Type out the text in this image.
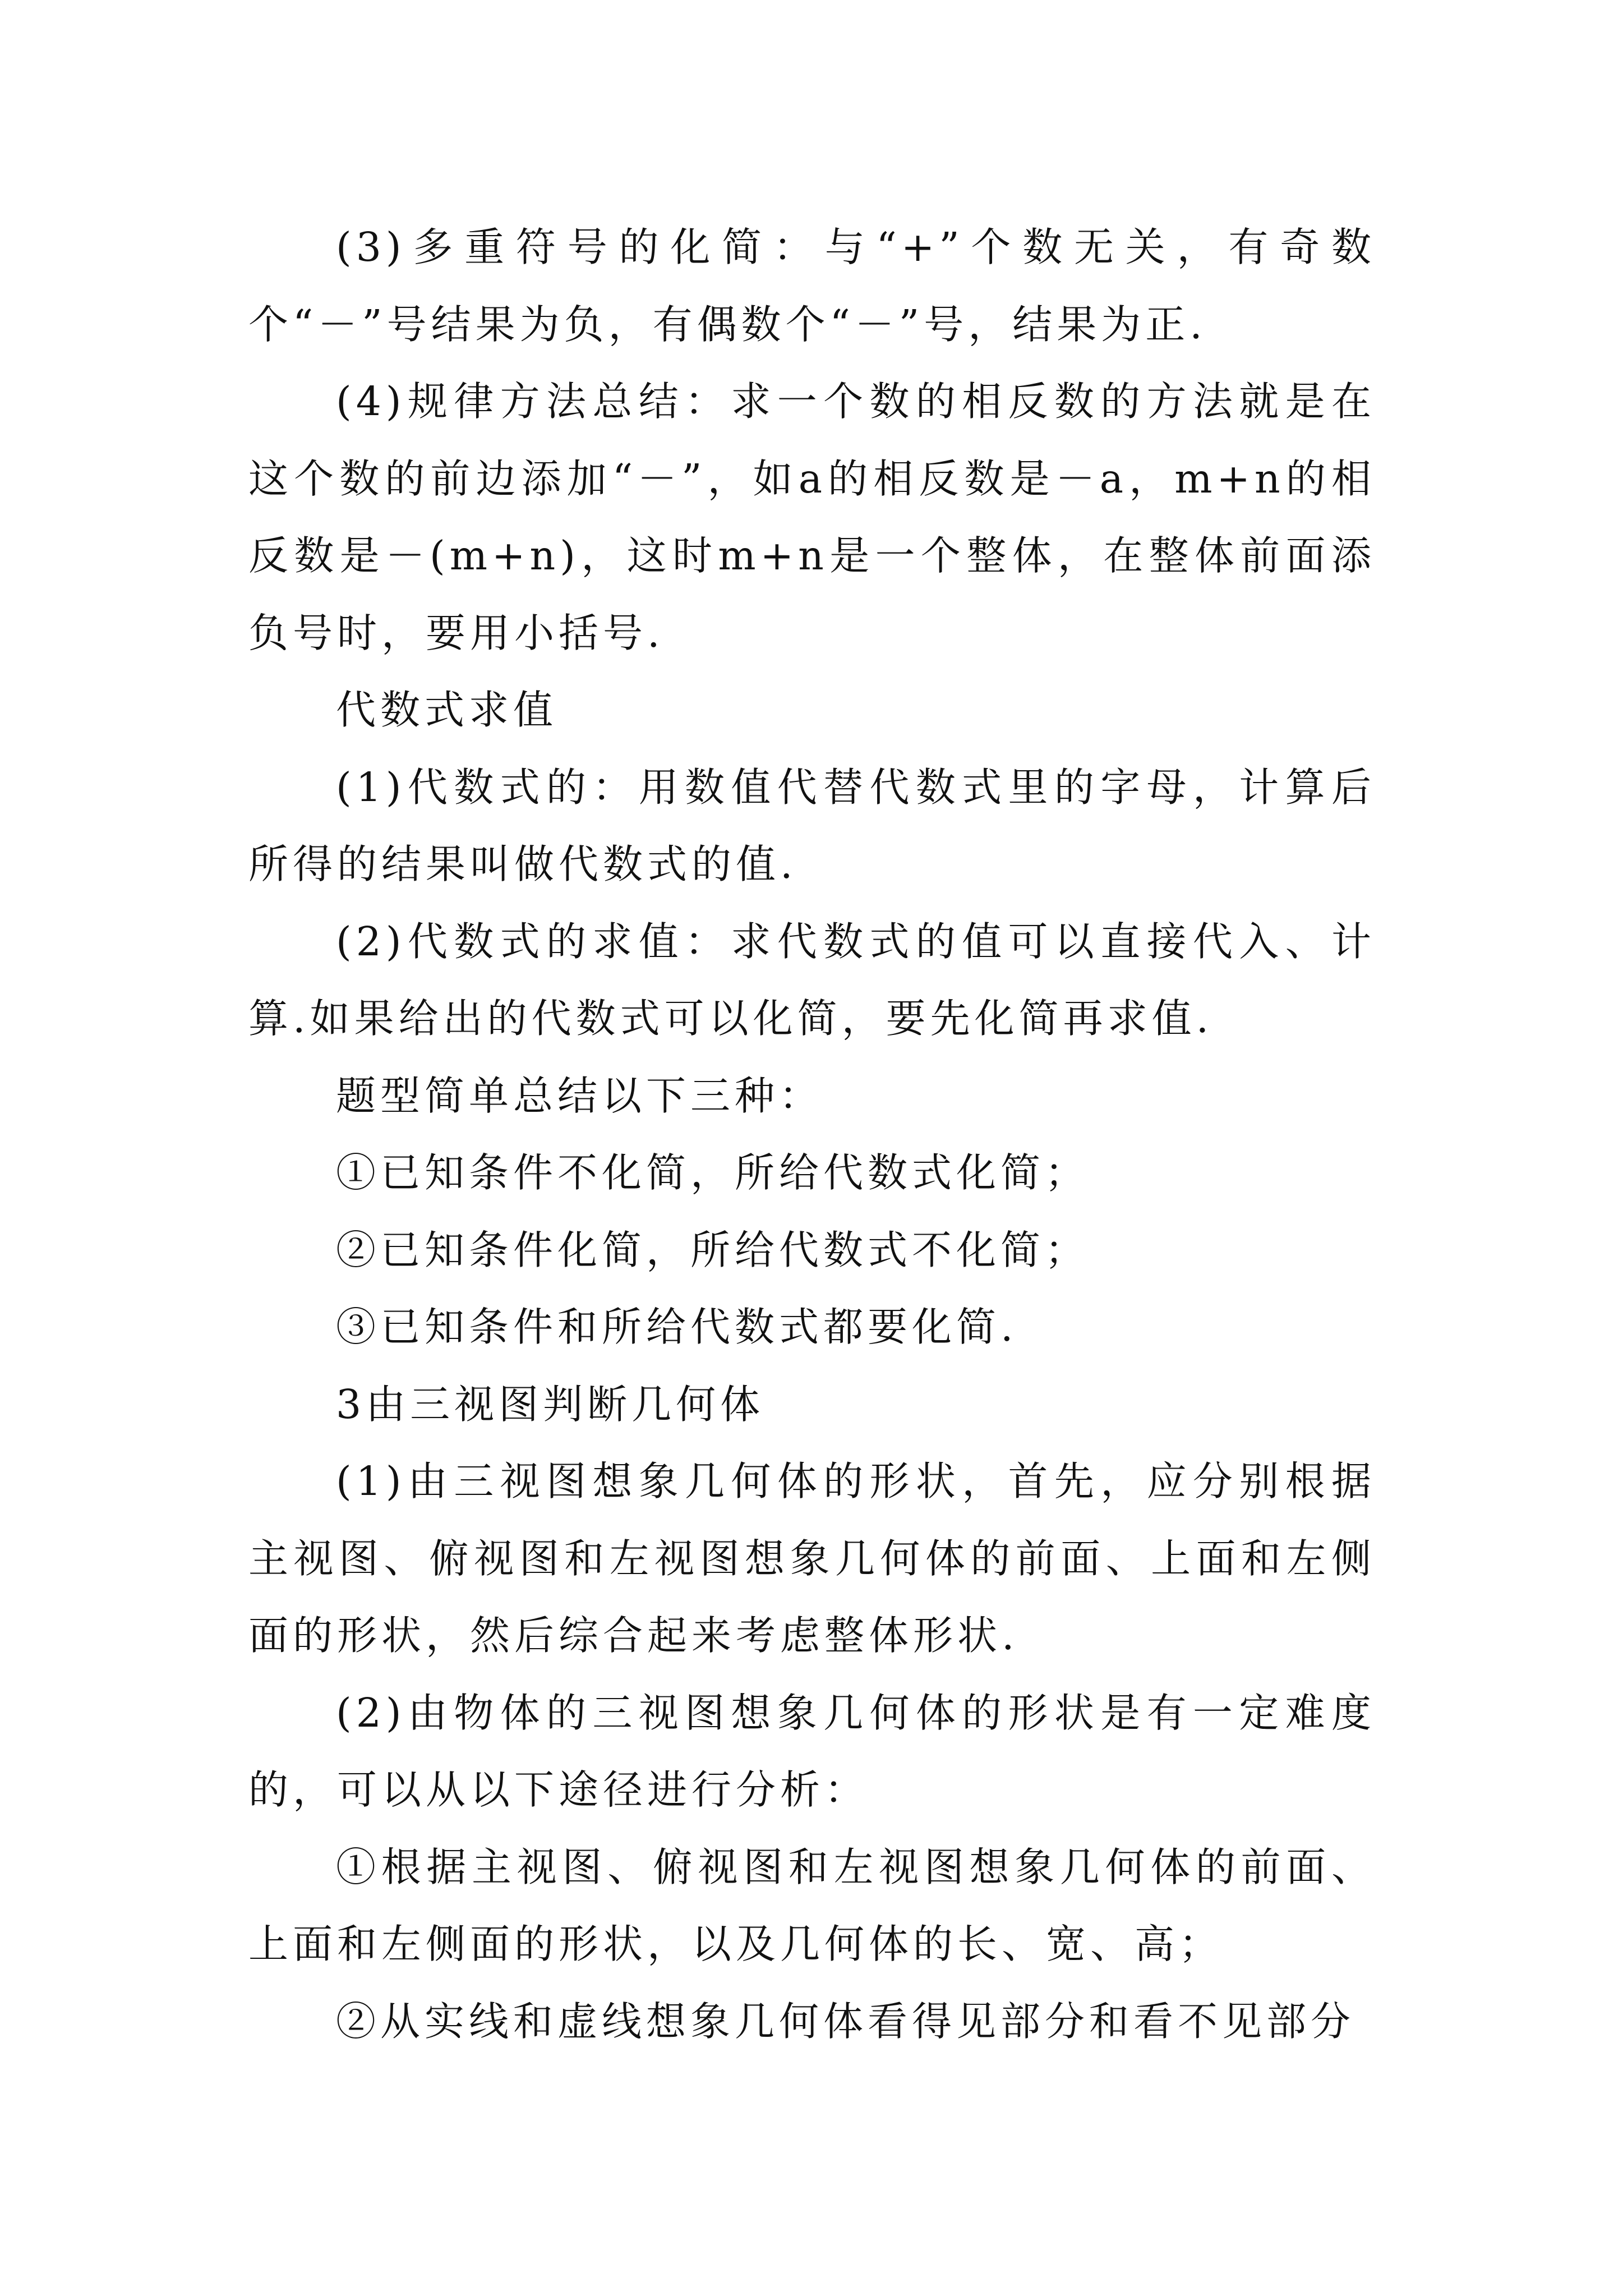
(3)多重符号的化简：与“+”个数无关，有奇数个“－”号结果为负，有偶数个“－”号，结果为正.

(4)规律方法总结：求一个数的相反数的方法就是在这个数的前边添加“－”，如a的相反数是－a，m+n的相反数是－(m+n)，这时m+n是一个整体，在整体前面添负号时，要用小括号.

代数式求值

(1)代数式的：用数值代替代数式里的字母，计算后所得的结果叫做代数式的值.

(2)代数式的求值：求代数式的值可以直接代入、计算.如果给出的代数式可以化简，要先化简再求值.

题型简单总结以下三种：

①已知条件不化简，所给代数式化简；

②已知条件化简，所给代数式不化简；

③已知条件和所给代数式都要化简.

3由三视图判断几何体

(1)由三视图想象几何体的形状，首先，应分别根据主视图、俯视图和左视图想象几何体的前面、上面和左侧面的形状，然后综合起来考虑整体形状.

(2)由物体的三视图想象几何体的形状是有一定难度的，可以从以下途径进行分析：

①根据主视图、俯视图和左视图想象几何体的前面、上面和左侧面的形状，以及几何体的长、宽、高；

②从实线和虚线想象几何体看得见部分和看不见部分
